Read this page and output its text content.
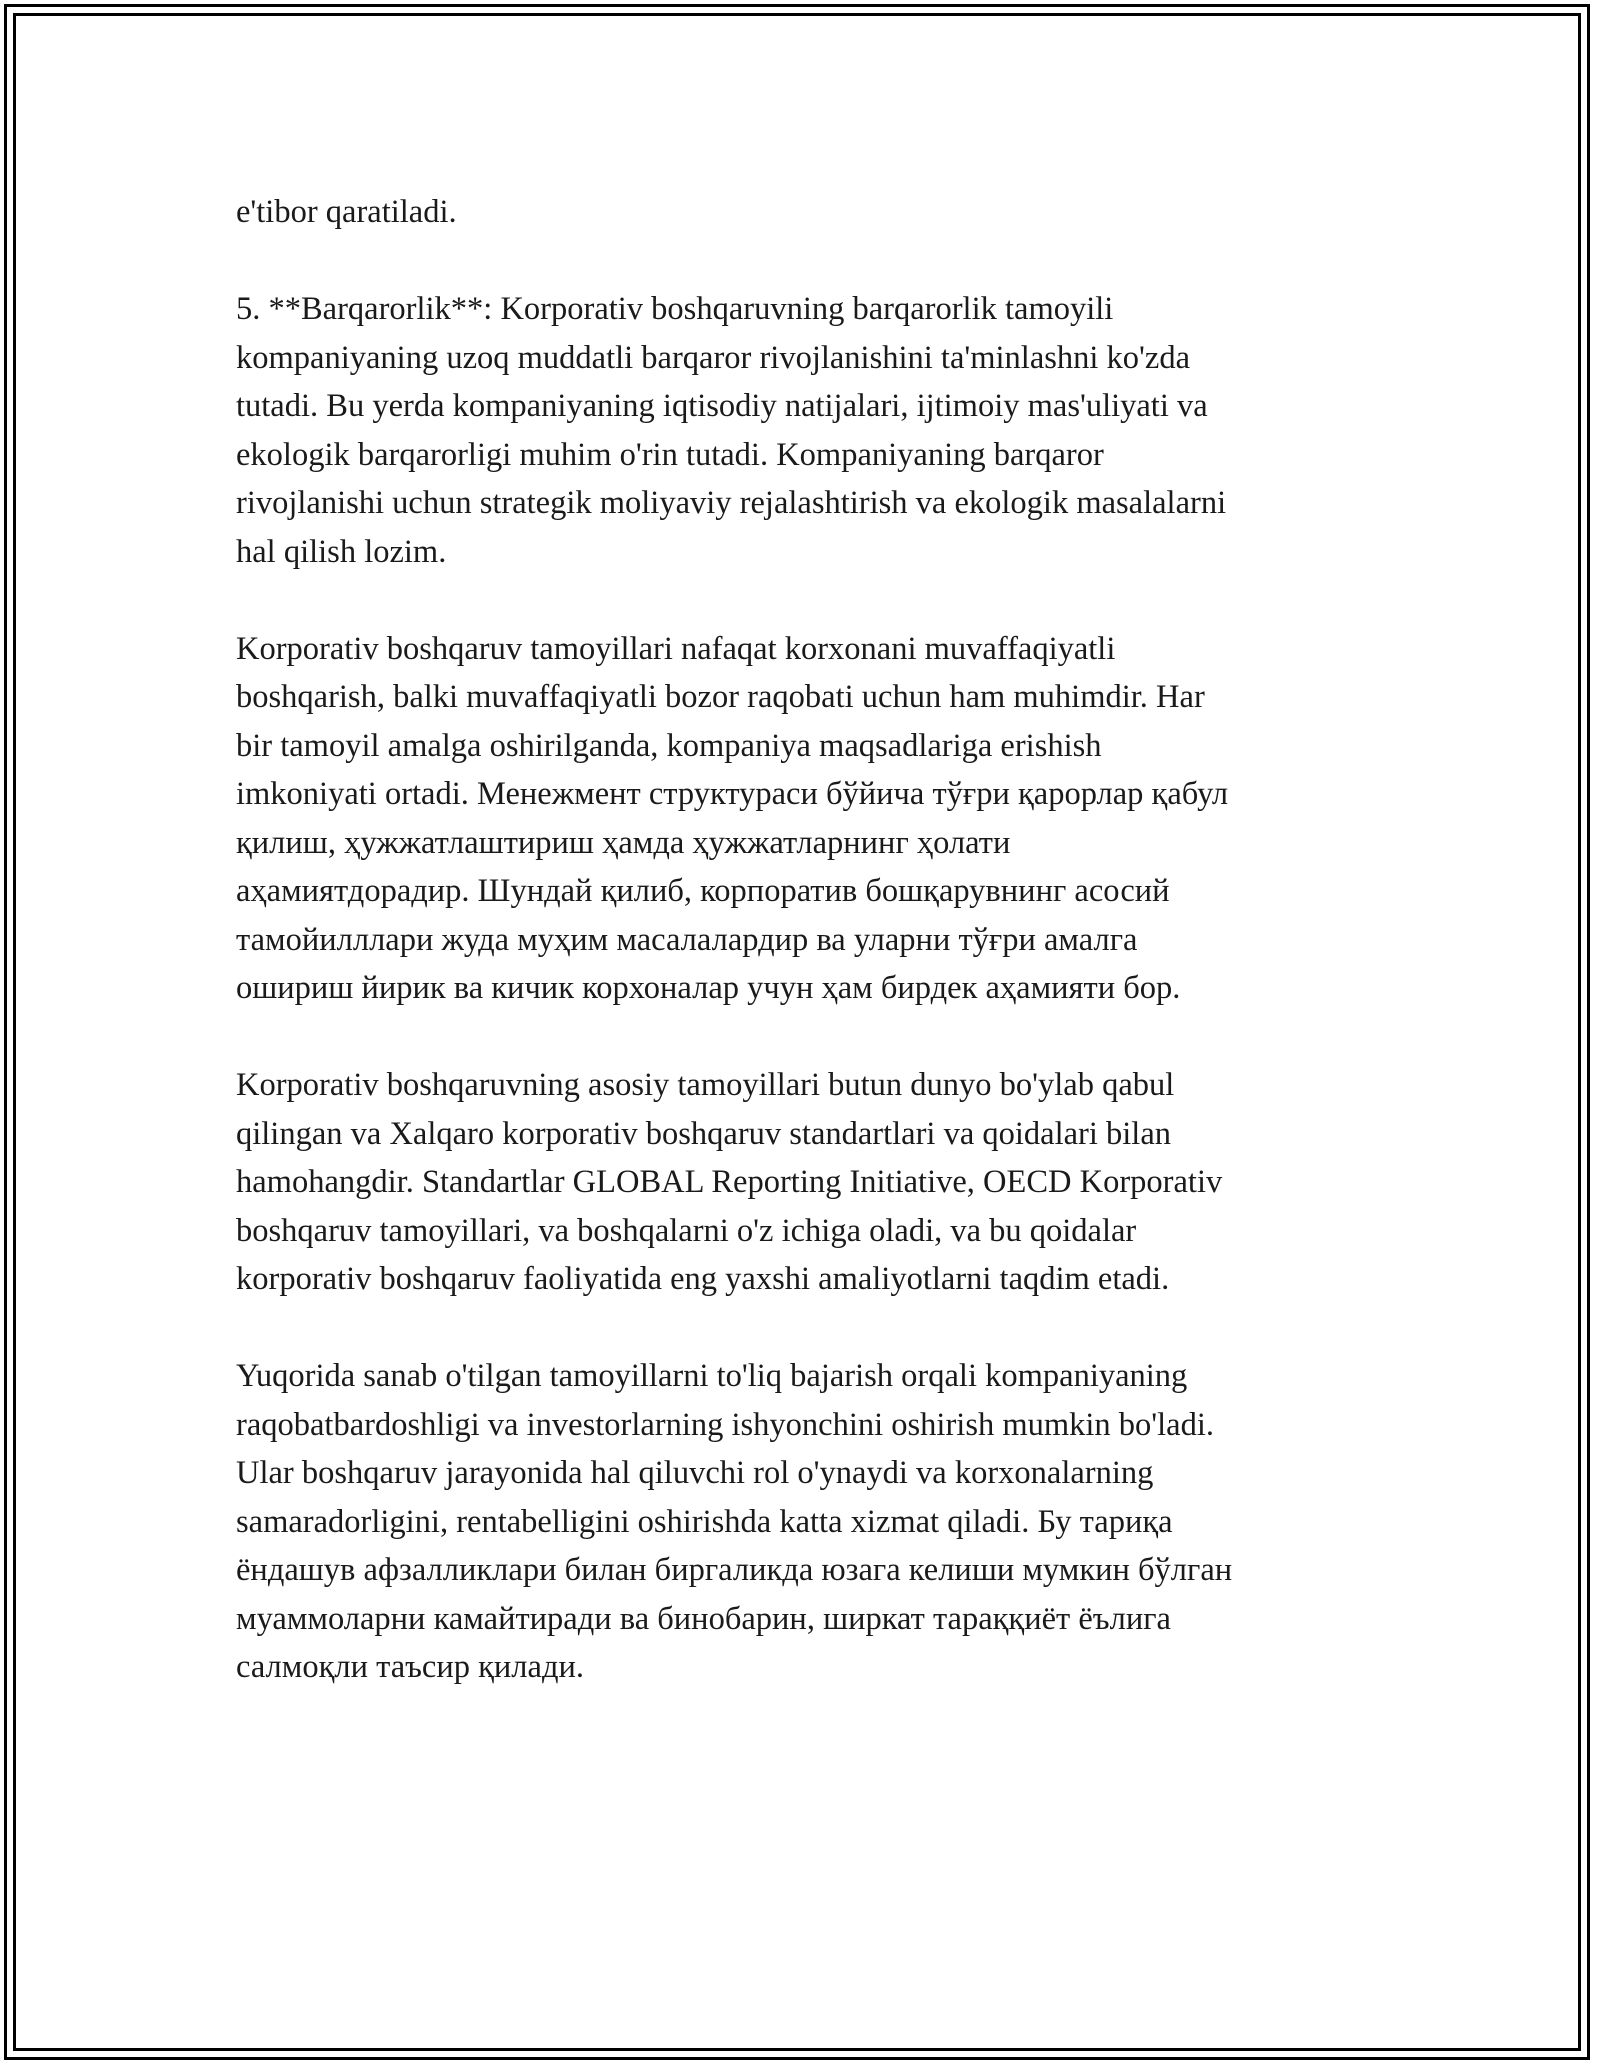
e'tibor qaratiladi.

5. **Barqarorlik**: Korporativ boshqaruvning barqarorlik tamoyili
kompaniyaning uzoq muddatli barqaror rivojlanishini ta'minlashni ko'zda
tutadi. Bu yerda kompaniyaning iqtisodiy natijalari, ijtimoiy mas'uliyati va
ekologik barqarorligi muhim o'rin tutadi. Kompaniyaning barqaror
rivojlanishi uchun strategik moliyaviy rejalashtirish va ekologik masalalarni
hal qilish lozim.

Korporativ boshqaruv tamoyillari nafaqat korxonani muvaffaqiyatli
boshqarish, balki muvaffaqiyatli bozor raqobati uchun ham muhimdir. Har
bir tamoyil amalga oshirilganda, kompaniya maqsadlariga erishish
imkoniyati ortadi. Менежмент структураси бўйича тўғри қарорлар қабул
қилиш, ҳужжатлаштириш ҳамда ҳужжатларнинг ҳолати
аҳамиятдорадир. Шундай қилиб, корпоратив бошқарувнинг асосий
тамойилллари жуда муҳим масалалардир ва уларни тўғри амалга
ошириш йирик ва кичик корхоналар учун ҳам бирдек аҳамияти бор.

Korporativ boshqaruvning asosiy tamoyillari butun dunyo bo'ylab qabul
qilingan va Xalqaro korporativ boshqaruv standartlari va qoidalari bilan
hamohangdir. Standartlar GLOBAL Reporting Initiative, OECD Korporativ
boshqaruv tamoyillari, va boshqalarni o'z ichiga oladi, va bu qoidalar
korporativ boshqaruv faoliyatida eng yaxshi amaliyotlarni taqdim etadi.

Yuqorida sanab o'tilgan tamoyillarni to'liq bajarish orqali kompaniyaning
raqobatbardoshligi va investorlarning ishyonchini oshirish mumkin bo'ladi.
Ular boshqaruv jarayonida hal qiluvchi rol o'ynaydi va korxonalarning
samaradorligini, rentabelligini oshirishda katta xizmat qiladi. Бу тариқа
ёндашув афзалликлари билан биргаликда юзага келиши мумкин бўлган
муаммоларни камайтиради ва бинобарин, ширкат тараққиёт ёълига
салмоқли таъсир қилади.
